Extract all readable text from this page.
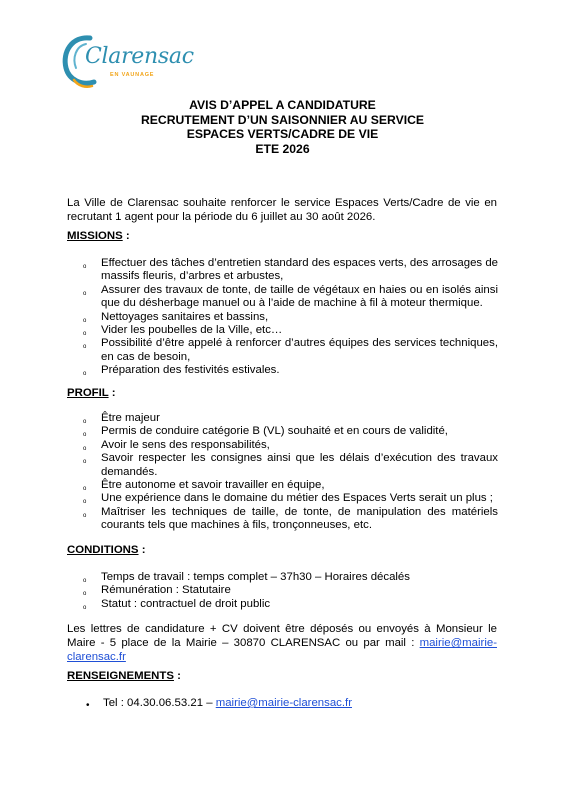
Clarensac
EN VAUNAGE
AVIS D’APPEL A CANDIDATURE
RECRUTEMENT D’UN SAISONNIER AU SERVICE
ESPACES VERTS/CADRE DE VIE
ETE 2026
La Ville de Clarensac souhaite renforcer le service Espaces Verts/Cadre de vie en recrutant 1 agent pour la période du 6 juillet au 30 août 2026.
MISSIONS :
o Effectuer des tâches d’entretien standard des espaces verts, des arrosages de massifs fleuris, d’arbres et arbustes,
o Assurer des travaux de tonte, de taille de végétaux en haies ou en isolés ainsi que du désherbage manuel ou à l’aide de machine à fil à moteur thermique.
o Nettoyages sanitaires et bassins,
o Vider les poubelles de la Ville, etc…
o Possibilité d’être appelé à renforcer d’autres équipes des services techniques, en cas de besoin,
o Préparation des festivités estivales.
PROFIL :
o Être majeur
o Permis de conduire catégorie B (VL) souhaité et en cours de validité,
o Avoir le sens des responsabilités,
o Savoir respecter les consignes ainsi que les délais d’exécution des travaux demandés.
o Être autonome et savoir travailler en équipe,
o Une expérience dans le domaine du métier des Espaces Verts serait un plus ;
o Maîtriser les techniques de taille, de tonte, de manipulation des matériels courants tels que machines à fils, tronçonneuses, etc.
CONDITIONS :
o Temps de travail : temps complet – 37h30 – Horaires décalés
o Rémunération : Statutaire
o Statut : contractuel de droit public
Les lettres de candidature + CV doivent être déposés ou envoyés à Monsieur le Maire - 5 place de la Mairie – 30870 CLARENSAC ou par mail : mairie@mairie-clarensac.fr
RENSEIGNEMENTS :
• Tel : 04.30.06.53.21 – mairie@mairie-clarensac.fr
